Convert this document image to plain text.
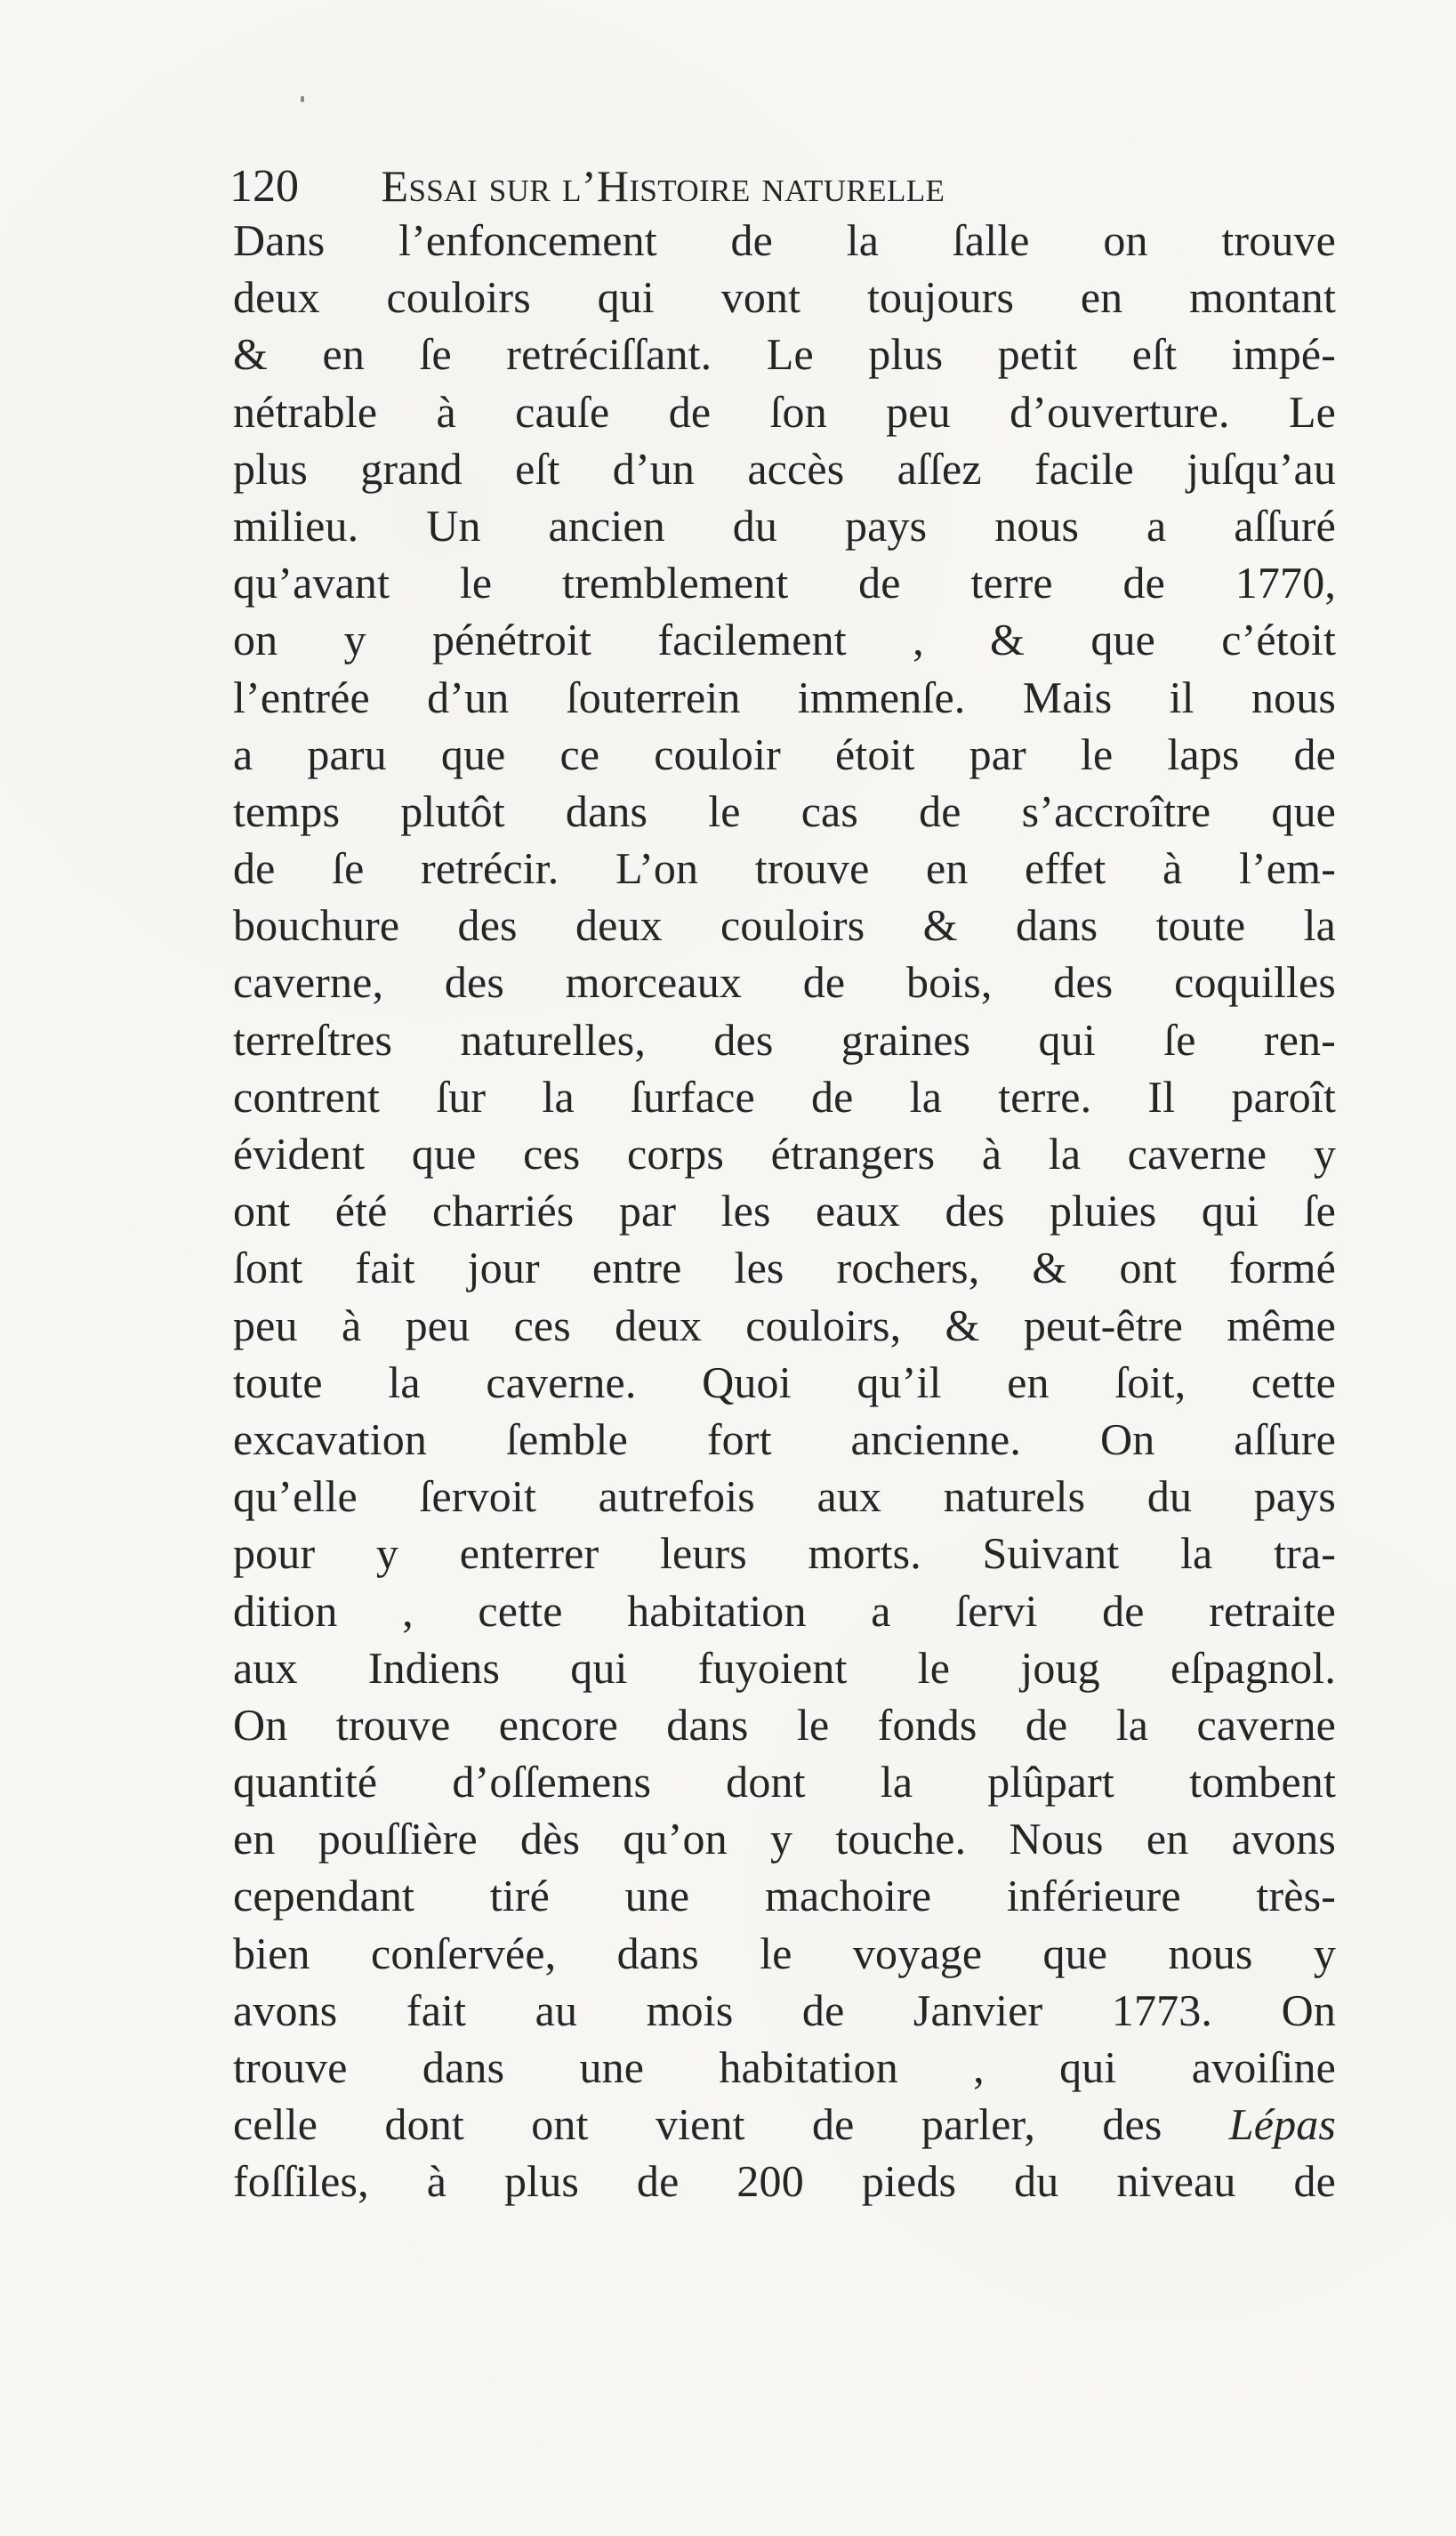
120 Essai sur l’Histoire naturelle
Dans l’enfoncement de la ſalle on trouve
deux couloirs qui vont toujours en montant
& en ſe retréciſſant. Le plus petit eſt impé-
nétrable à cauſe de ſon peu d’ouverture. Le
plus grand eſt d’un accès aſſez facile juſqu’au
milieu. Un ancien du pays nous a aſſuré
qu’avant le tremblement de terre de 1770,
on y pénétroit facilement , & que c’étoit
l’entrée d’un ſouterrein immenſe. Mais il nous
a paru que ce couloir étoit par le laps de
temps plutôt dans le cas de s’accroître que
de ſe retrécir. L’on trouve en effet à l’em-
bouchure des deux couloirs & dans toute la
caverne, des morceaux de bois, des coquilles
terreſtres naturelles, des graines qui ſe ren-
contrent ſur la ſurface de la terre. Il paroît
évident que ces corps étrangers à la caverne y
ont été charriés par les eaux des pluies qui ſe
ſont fait jour entre les rochers, & ont formé
peu à peu ces deux couloirs, & peut-être même
toute la caverne. Quoi qu’il en ſoit, cette
excavation ſemble fort ancienne. On aſſure
qu’elle ſervoit autrefois aux naturels du pays
pour y enterrer leurs morts. Suivant la tra-
dition , cette habitation a ſervi de retraite
aux Indiens qui fuyoient le joug eſpagnol.
On trouve encore dans le fonds de la caverne
quantité d’oſſemens dont la plûpart tombent
en pouſſière dès qu’on y touche. Nous en avons
cependant tiré une machoire inférieure très-
bien conſervée, dans le voyage que nous y
avons fait au mois de Janvier 1773. On
trouve dans une habitation , qui avoiſine
celle dont ont vient de parler, des Lépas
foſſiles, à plus de 200 pieds du niveau de
